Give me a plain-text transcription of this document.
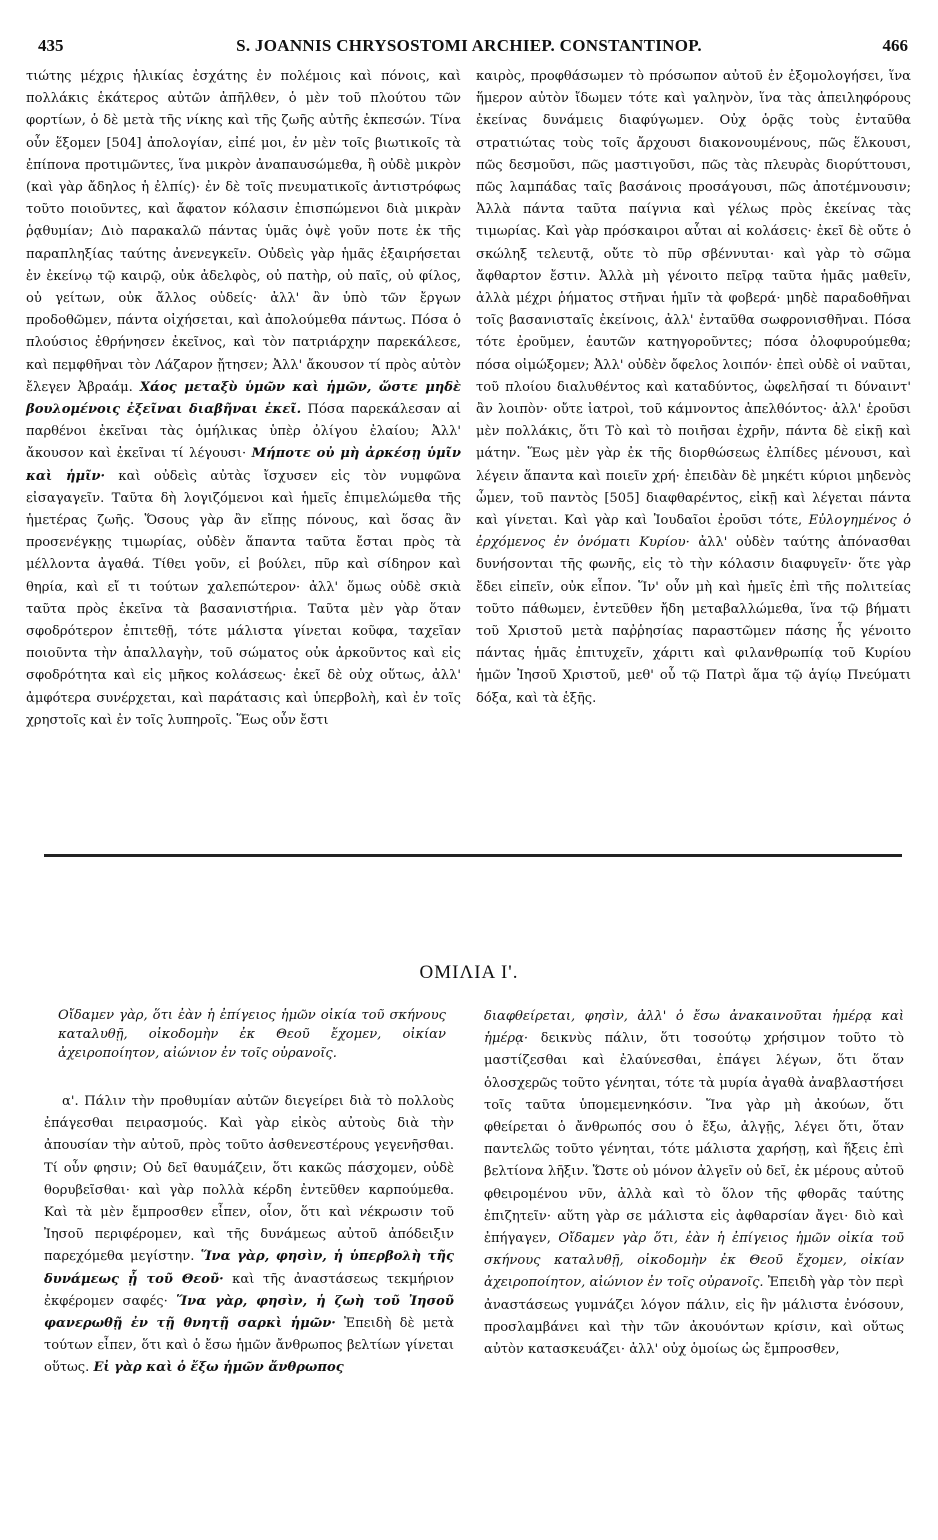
435	S. JOANNIS CHRYSOSTOMI ARCHIEP. CONSTANTINOP.	466

τιώτης μέχρις ἡλικίας ἐσχάτης ἐν πολέμοις καὶ πόνοις, καὶ πολλάκις ἑκάτερος αὐτῶν ἀπῆλθεν, ὁ μὲν τοῦ πλούτου τῶν φορτίων, ὁ δὲ μετὰ τῆς νίκης καὶ τῆς ζωῆς αὐτῆς ἐκπεσών. Τίνα οὖν ἕξομεν [504] ἀπολογίαν, εἰπέ μοι, ἐν μὲν τοῖς βιωτικοῖς τὰ ἐπίπονα προτιμῶντες, ἵνα μικρὸν ἀναπαυσώμεθα, ἢ οὐδὲ μικρὸν (καὶ γὰρ ἄδηλος ἡ ἐλπίς)· ἐν δὲ τοῖς πνευματικοῖς ἀντιστρόφως τοῦτο ποιοῦντες, καὶ ἄφατον κόλασιν ἐπισπώμενοι διὰ μικρὰν ῥᾳθυμίαν; Διὸ παρακαλῶ πάντας ὑμᾶς ὀψὲ γοῦν ποτε ἐκ τῆς παραπληξίας ταύτης ἀνενεγκεῖν. Οὐδεὶς γὰρ ἡμᾶς ἐξαιρήσεται ἐν ἐκείνῳ τῷ καιρῷ, οὐκ ἀδελφὸς, οὐ πατὴρ, οὐ παῖς, οὐ φίλος, οὐ γείτων, οὐκ ἄλλος οὐδείς· ἀλλ' ἂν ὑπὸ τῶν ἔργων προδοθῶμεν, πάντα οἰχήσεται, καὶ ἀπολούμεθα πάντως. Πόσα ὁ πλούσιος ἐθρήνησεν ἐκεῖνος, καὶ τὸν πατριάρχην παρεκάλεσε, καὶ πεμφθῆναι τὸν Λάζαρον ᾔτησεν; Ἀλλ' ἄκουσον τί πρὸς αὐτὸν ἔλεγεν Ἀβραάμ. Χάος μεταξὺ ὑμῶν καὶ ἡμῶν, ὥστε μηδὲ βουλομένοις ἐξεῖναι διαβῆναι ἐκεῖ. Πόσα παρεκάλεσαν αἱ παρθένοι ἐκεῖναι τὰς ὁμήλικας ὑπὲρ ὀλίγου ἐλαίου; Ἀλλ' ἄκουσον καὶ ἐκεῖναι τί λέγουσι· Μήποτε οὐ μὴ ἀρκέσῃ ὑμῖν καὶ ἡμῖν· καὶ οὐδεὶς αὐτὰς ἴσχυσεν εἰς τὸν νυμφῶνα εἰσαγαγεῖν. Ταῦτα δὴ λογιζόμενοι καὶ ἡμεῖς ἐπιμελώμεθα τῆς ἡμετέρας ζωῆς. Ὅσους γὰρ ἂν εἴπῃς πόνους, καὶ ὅσας ἂν προσενέγκῃς τιμωρίας, οὐδὲν ἅπαντα ταῦτα ἔσται πρὸς τὰ μέλλοντα ἀγαθά. Τίθει γοῦν, εἰ βούλει, πῦρ καὶ σίδηρον καὶ θηρία, καὶ εἴ τι τούτων χαλεπώτερον· ἀλλ' ὅμως οὐδὲ σκιὰ ταῦτα πρὸς ἐκεῖνα τὰ βασανιστήρια. Ταῦτα μὲν γὰρ ὅταν σφοδρότερον ἐπιτεθῇ, τότε μάλιστα γίνεται κοῦφα, ταχεῖαν ποιοῦντα τὴν ἀπαλλαγὴν, τοῦ σώματος οὐκ ἀρκοῦντος καὶ εἰς σφοδρότητα καὶ εἰς μῆκος κολάσεως· ἐκεῖ δὲ οὐχ οὕτως, ἀλλ' ἀμφότερα συνέρχεται, καὶ παράτασις καὶ ὑπερβολὴ, καὶ ἐν τοῖς χρηστοῖς καὶ ἐν τοῖς λυπηροῖς. Ἕως οὖν ἔστι

καιρὸς, προφθάσωμεν τὸ πρόσωπον αὐτοῦ ἐν ἐξομολογήσει, ἵνα ἥμερον αὐτὸν ἴδωμεν τότε καὶ γαληνὸν, ἵνα τὰς ἀπειληφόρους ἐκείνας δυνάμεις διαφύγωμεν. Οὐχ ὁρᾷς τοὺς ἐνταῦθα στρατιώτας τοὺς τοῖς ἄρχουσι διακονουμένους, πῶς ἕλκουσι, πῶς δεσμοῦσι, πῶς μαστιγοῦσι, πῶς τὰς πλευρὰς διορύττουσι, πῶς λαμπάδας ταῖς βασάνοις προσάγουσι, πῶς ἀποτέμνουσιν; Ἀλλὰ πάντα ταῦτα παίγνια καὶ γέλως πρὸς ἐκείνας τὰς τιμωρίας. Καὶ γὰρ πρόσκαιροι αὗται αἱ κολάσεις· ἐκεῖ δὲ οὔτε ὁ σκώληξ τελευτᾷ, οὔτε τὸ πῦρ σβέννυται· καὶ γὰρ τὸ σῶμα ἄφθαρτον ἔστιν. Ἀλλὰ μὴ γένοιτο πεῖρᾳ ταῦτα ἡμᾶς μαθεῖν, ἀλλὰ μέχρι ῥήματος στῆναι ἡμῖν τὰ φοβερά· μηδὲ παραδοθῆναι τοῖς βασανισταῖς ἐκείνοις, ἀλλ' ἐνταῦθα σωφρονισθῆναι. Πόσα τότε ἐροῦμεν, ἑαυτῶν κατηγοροῦντες; πόσα ὀλοφυρούμεθα; πόσα οἰμώξομεν; Ἀλλ' οὐδὲν ὄφελος λοιπόν· ἐπεὶ οὐδὲ οἱ ναῦται, τοῦ πλοίου διαλυθέντος καὶ καταδύντος, ὠφελῆσαί τι δύναιντ' ἂν λοιπὸν· οὔτε ἰατροὶ, τοῦ κάμνοντος ἀπελθόντος· ἀλλ' ἐροῦσι μὲν πολλάκις, ὅτι Τὸ καὶ τὸ ποιῆσαι ἐχρῆν, πάντα δὲ εἰκῇ καὶ μάτην. Ἕως μὲν γὰρ ἐκ τῆς διορθώσεως ἐλπίδες μένουσι, καὶ λέγειν ἅπαντα καὶ ποιεῖν χρή· ἐπειδὰν δὲ μηκέτι κύριοι μηδενὸς ὦμεν, τοῦ παντὸς [505] διαφθαρέντος, εἰκῇ καὶ λέγεται πάντα καὶ γίνεται. Καὶ γὰρ καὶ Ἰουδαῖοι ἐροῦσι τότε, Εὐλογημένος ὁ ἐρχόμενος ἐν ὀνόματι Κυρίου· ἀλλ' οὐδὲν ταύτης ἀπόνασθαι δυνήσονται τῆς φωνῆς, εἰς τὸ τὴν κόλασιν διαφυγεῖν· ὅτε γὰρ ἔδει εἰπεῖν, οὐκ εἶπον. Ἵν' οὖν μὴ καὶ ἡμεῖς ἐπὶ τῆς πολιτείας τοῦτο πάθωμεν, ἐντεῦθεν ἤδη μεταβαλλώμεθα, ἵνα τῷ βήματι τοῦ Χριστοῦ μετὰ παῤῥησίας παραστῶμεν πάσης ἧς γένοιτο πάντας ἡμᾶς ἐπιτυχεῖν, χάριτι καὶ φιλανθρωπίᾳ τοῦ Κυρίου ἡμῶν Ἰησοῦ Χριστοῦ, μεθ' οὗ τῷ Πατρὶ ἅμα τῷ ἁγίῳ Πνεύματι δόξα, καὶ τὰ ἑξῆς.

ΟΜΙΛΙΑ Ι'.

Οἴδαμεν γὰρ, ὅτι ἐὰν ἡ ἐπίγειος ἡμῶν οἰκία τοῦ σκήνους καταλυθῇ, οἰκοδομὴν ἐκ Θεοῦ ἔχομεν, οἰκίαν ἀχειροποίητον, αἰώνιον ἐν τοῖς οὐρανοῖς.

α'. Πάλιν τὴν προθυμίαν αὐτῶν διεγείρει διὰ τὸ πολλοὺς ἐπάγεσθαι πειρασμούς. Καὶ γὰρ εἰκὸς αὐτοὺς διὰ τὴν ἀπουσίαν τὴν αὐτοῦ, πρὸς τοῦτο ἀσθενεστέρους γεγενῆσθαι. Τί οὖν φησιν; Οὐ δεῖ θαυμάζειν, ὅτι κακῶς πάσχομεν, οὐδὲ θορυβεῖσθαι· καὶ γὰρ πολλὰ κέρδη ἐντεῦθεν καρπούμεθα. Καὶ τὰ μὲν ἔμπροσθεν εἶπεν, οἷον, ὅτι καὶ νέκρωσιν τοῦ Ἰησοῦ περιφέρομεν, καὶ τῆς δυνάμεως αὐτοῦ ἀπόδειξιν παρεχόμεθα μεγίστην. Ἵνα γὰρ, φησὶν, ἡ ὑπερβολὴ τῆς δυνάμεως ᾖ τοῦ Θεοῦ· καὶ τῆς ἀναστάσεως τεκμήριον ἐκφέρομεν σαφές· Ἵνα γὰρ, φησὶν, ἡ ζωὴ τοῦ Ἰησοῦ φανερωθῇ ἐν τῇ θνητῇ σαρκὶ ἡμῶν· Ἐπειδὴ δὲ μετὰ τούτων εἶπεν, ὅτι καὶ ὁ ἔσω ἡμῶν ἄνθρωπος βελτίων γίνεται οὕτως. Εἰ γὰρ καὶ ὁ ἔξω ἡμῶν ἄνθρωπος

διαφθείρεται, φησὶν, ἀλλ' ὁ ἔσω ἀνακαινοῦται ἡμέρᾳ καὶ ἡμέρᾳ· δεικνὺς πάλιν, ὅτι τοσούτῳ χρήσιμον τοῦτο τὸ μαστίζεσθαι καὶ ἐλαύνεσθαι, ἐπάγει λέγων, ὅτι ὅταν ὁλοσχερῶς τοῦτο γένηται, τότε τὰ μυρία ἀγαθὰ ἀναβλαστήσει τοῖς ταῦτα ὑπομεμενηκόσιν. Ἵνα γὰρ μὴ ἀκούων, ὅτι φθείρεται ὁ ἄνθρωπός σου ὁ ἔξω, ἀλγῇς, λέγει ὅτι, ὅταν παντελῶς τοῦτο γένηται, τότε μάλιστα χαρήσῃ, καὶ ἥξεις ἐπὶ βελτίονα λῆξιν. Ὥστε οὐ μόνον ἀλγεῖν οὐ δεῖ, ἐκ μέρους αὐτοῦ φθειρομένου νῦν, ἀλλὰ καὶ τὸ ὅλον τῆς φθορᾶς ταύτης ἐπιζητεῖν· αὕτη γὰρ σε μάλιστα εἰς ἀφθαρσίαν ἄγει· διὸ καὶ ἐπήγαγεν, Οἴδαμεν γὰρ ὅτι, ἐὰν ἡ ἐπίγειος ἡμῶν οἰκία τοῦ σκήνους καταλυθῇ, οἰκοδομὴν ἐκ Θεοῦ ἔχομεν, οἰκίαν ἀχειροποίητον, αἰώνιον ἐν τοῖς οὐρανοῖς. Ἐπειδὴ γὰρ τὸν περὶ ἀναστάσεως γυμνάζει λόγον πάλιν, εἰς ἣν μάλιστα ἐνόσουν, προσλαμβάνει καὶ τὴν τῶν ἀκουόντων κρίσιν, καὶ οὕτως αὐτὸν κατασκευάζει· ἀλλ' οὐχ ὁμοίως ὡς ἔμπροσθεν,
